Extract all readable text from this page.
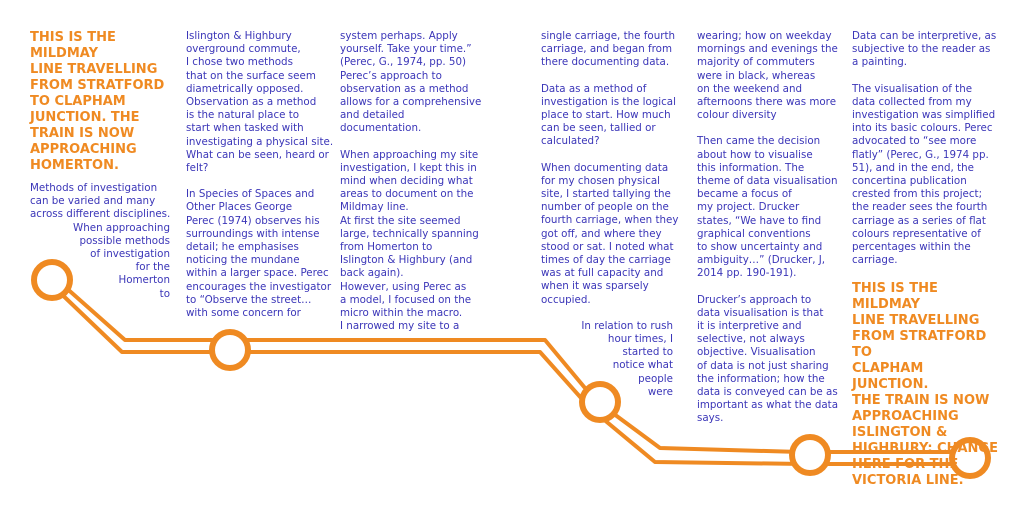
THIS IS THE MILDMAY
LINE TRAVELLING
FROM STRATFORD
TO CLAPHAM
JUNCTION. THE
TRAIN IS NOW
APPROACHING
HOMERTON.

Methods of investigation
can be varied and many
across different disciplines.

When approaching
possible methods
of investigation
for the
Homerton
to

Islington & Highbury
overground commute,
I chose two methods
that on the surface seem
diametrically opposed.
Observation as a method
is the natural place to
start when tasked with
investigating a physical site.
What can be seen, heard or
felt?

In Species of Spaces and
Other Places George
Perec (1974) observes his
surroundings with intense
detail; he emphasises
noticing the mundane
within a larger space. Perec
encourages the investigator
to “Observe the street…
with some concern for

system perhaps. Apply
yourself. Take your time.”
(Perec, G., 1974, pp. 50)
Perec’s approach to
observation as a method
allows for a comprehensive
and detailed
documentation.

When approaching my site
investigation, I kept this in
mind when deciding what
areas to document on the
Mildmay line.
At first the site seemed
large, technically spanning
from Homerton to
Islington & Highbury (and
back again).
However, using Perec as
a model, I focused on the
micro within the macro.
I narrowed my site to a

single carriage, the fourth
carriage, and began from
there documenting data.

Data as a method of
investigation is the logical
place to start. How much
can be seen, tallied or
calculated?

When documenting data
for my chosen physical
site, I started tallying the
number of people on the
fourth carriage, when they
got off, and where they
stood or sat. I noted what
times of day the carriage
was at full capacity and
when it was sparsely
occupied.

In relation to rush
hour times, I
started to
notice what
people
were

wearing; how on weekday
mornings and evenings the
majority of commuters
were in black, whereas
on the weekend and
afternoons there was more
colour diversity

Then came the decision
about how to visualise
this information. The
theme of data visualisation
became a focus of
my project. Drucker
states, “We have to find
graphical conventions
to show uncertainty and
ambiguity…” (Drucker, J,
2014 pp. 190-191).

Drucker’s approach to
data visualisation is that
it is interpretive and
selective, not always
objective. Visualisation
of data is not just sharing
the information; how the
data is conveyed can be as
important as what the data
says.

Data can be interpretive, as
subjective to the reader as
a painting.

The visualisation of the
data collected from my
investigation was simplified
into its basic colours. Perec
advocated to “see more
flatly” (Perec, G., 1974 pp.
51), and in the end, the
concertina publication
crested from this project;
the reader sees the fourth
carriage as a series of flat
colours representative of
percentages within the
carriage.

THIS IS THE MILDMAY
LINE TRAVELLING
FROM STRATFORD TO
CLAPHAM JUNCTION.
THE TRAIN IS NOW
APPROACHING
ISLINGTON &
HIGHBURY; CHANGE
HERE FOR THE
VICTORIA LINE.
